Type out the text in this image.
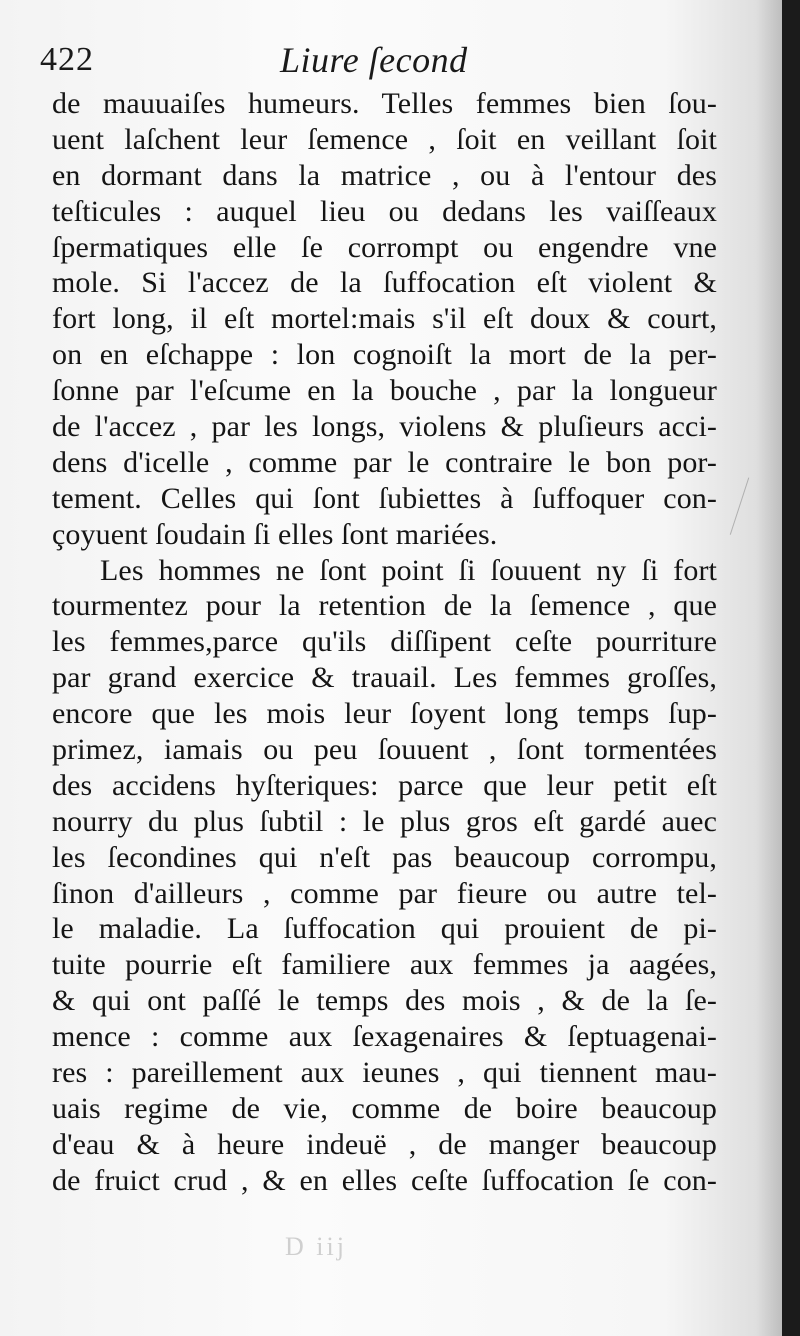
422	Liure ſecond
de mauuaiſes humeurs. Telles femmes bien ſou-
uent laſchent leur ſemence , ſoit en veillant ſoit
en dormant dans la matrice , ou à l'entour des
teſticules : auquel lieu ou dedans les vaiſſeaux
ſpermatiques elle ſe corrompt ou engendre vne
mole. Si l'accez de la ſuffocation eſt violent &
fort long, il eſt mortel:mais s'il eſt doux & court,
on en eſchappe : lon cognoiſt la mort de la per-
ſonne par l'eſcume en la bouche , par la longueur
de l'accez , par les longs, violens & pluſieurs acci-
dens d'icelle , comme par le contraire le bon por-
tement. Celles qui ſont ſubiettes à ſuffoquer con-
çoyuent ſoudain ſi elles ſont mariées.
Les hommes ne ſont point ſi ſouuent ny ſi fort
tourmentez pour la retention de la ſemence , que
les femmes,parce qu'ils diſſipent ceſte pourriture
par grand exercice & trauail. Les femmes groſſes,
encore que les mois leur ſoyent long temps ſup-
primez, iamais ou peu ſouuent , ſont tormentées
des accidens hyſteriques: parce que leur petit eſt
nourry du plus ſubtil : le plus gros eſt gardé auec
les ſecondines qui n'eſt pas beaucoup corrompu,
ſinon d'ailleurs , comme par fieure ou autre tel-
le maladie. La ſuffocation qui prouient de pi-
tuite pourrie eſt familiere aux femmes ja aagées,
& qui ont paſſé le temps des mois , & de la ſe-
mence : comme aux ſexagenaires & ſeptuagenai-
res : pareillement aux ieunes , qui tiennent mau-
uais regime de vie, comme de boire beaucoup
d'eau & à heure indeuë , de manger beaucoup
de fruict crud , & en elles ceſte ſuffocation ſe con-
D iij
